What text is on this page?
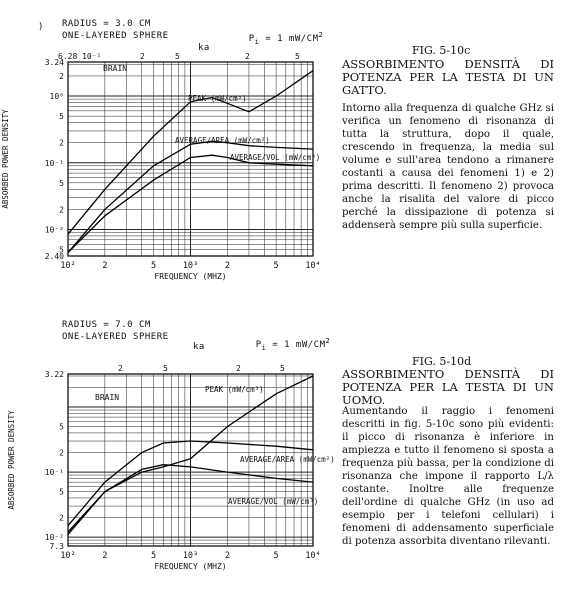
) RADIUS = 3.0 CM
ONE-LAYERED SPHERE	$P_i = 1$ $mW/CM^2$

ka
PEAK (mW/cm³)
AVERAGE/AREA (mW/cm²)
AVERAGE/VOL (mW/cm³)
BRAIN
10²	2	5	10³	2	5	10⁴
FREQUENCY (MHZ)
3.24
2
10⁰
5
2
10⁻¹
5
2
10⁻²
5
2.40
ABSORBED POWER DENSITY
6.28 10⁻¹	2	5	2	5	FIG. 5-10c
ASSORBIMENTO DENSITÀ DI POTENZA PER LA TESTA DI UN GATTO.
Intorno alla frequenza di qualche GHz si verifica un fenomeno di risonanza di tutta la struttura, dopo il quale, crescendo in frequenza, la media sul volume e sull'area tendono a rimanere costanti a causa dei fenomeni 1) e 2) prima descritti. Il fenomeno 2) provoca anche la risalita del valore di picco perché la dissipazione di potenza si addenserà sempre più sulla superficie.
RADIUS = 7.0 CM
ONE-LAYERED SPHERE

$P_i = 1$ $mW/CM^2$

ka
PEAK (mW/cm³)
AVERAGE/AREA (mW/cm²)
AVERAGE/VOL (mW/cm³)
BRAIN
10²	2	5	10³	2	5	10⁴
FREQUENCY (MHZ)
3.22
5
2
10⁻¹
5
2
10⁻²
7.3
ABSORBED POWER DENSITY
2	5	2	5
FIG. 5-10d
ASSORBIMENTO DENSITÀ DI POTENZA PER LA TESTA DI UN UOMO.
Aumentando il raggio i fenomeni descritti in fig. 5-10c sono più evidenti: il picco di risonanza è inferiore in ampiezza e tutto il fenomeno si sposta a frequenza più bassa, per la condizione di risonanza che impone il rapporto L/λ costante. Inoltre alle frequenze dell'ordine di qualche GHz (in uso ad esempio per i telefoni cellulari) i fenomeni di addensamento superficiale di potenza assorbita diventano rilevanti.
